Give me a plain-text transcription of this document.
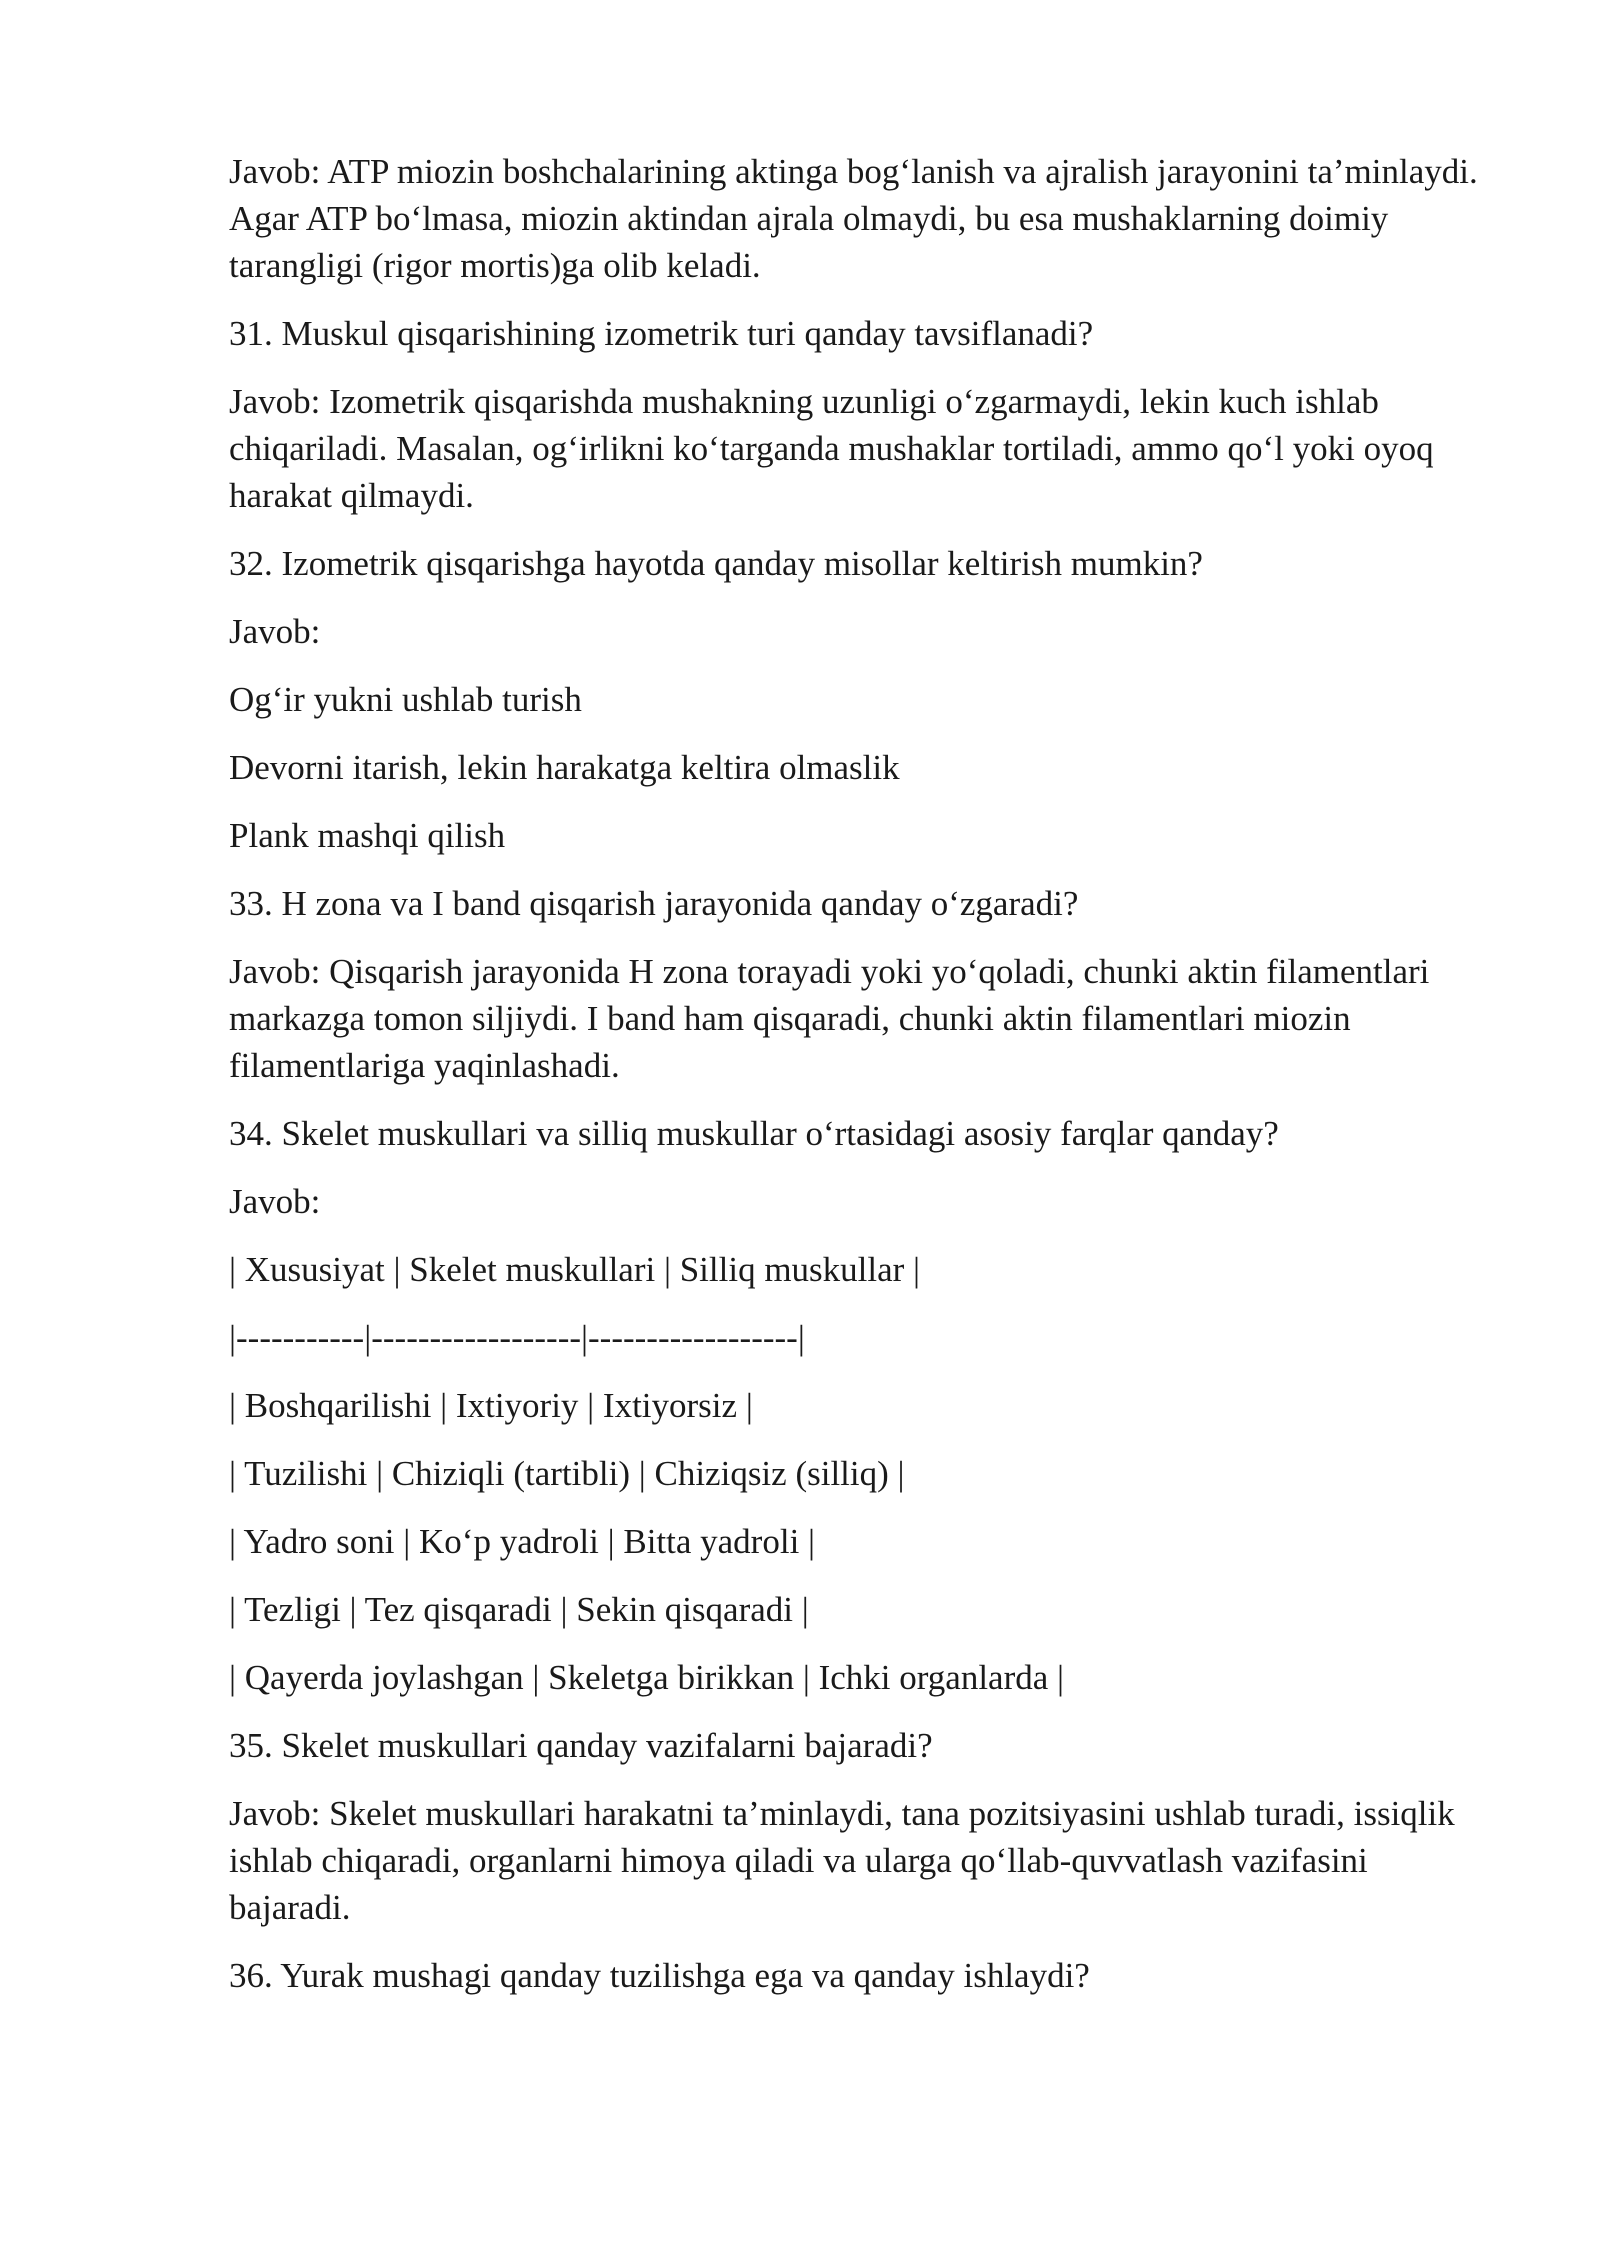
Javob: ATP miozin boshchalarining aktinga bog‘lanish va ajralish jarayonini ta’minlaydi. Agar ATP bo‘lmasa, miozin aktindan ajrala olmaydi, bu esa mushaklarning doimiy tarangligi (rigor mortis)ga olib keladi.

31. Muskul qisqarishining izometrik turi qanday tavsiflanadi?

Javob: Izometrik qisqarishda mushakning uzunligi o‘zgarmaydi, lekin kuch ishlab chiqariladi. Masalan, og‘irlikni ko‘targanda mushaklar tortiladi, ammo qo‘l yoki oyoq harakat qilmaydi.

32. Izometrik qisqarishga hayotda qanday misollar keltirish mumkin?

Javob:

Og‘ir yukni ushlab turish

Devorni itarish, lekin harakatga keltira olmaslik

Plank mashqi qilish

33. H zona va I band qisqarish jarayonida qanday o‘zgaradi?

Javob: Qisqarish jarayonida H zona torayadi yoki yo‘qoladi, chunki aktin filamentlari markazga tomon siljiydi. I band ham qisqaradi, chunki aktin filamentlari miozin filamentlariga yaqinlashadi.

34. Skelet muskullari va silliq muskullar o‘rtasidagi asosiy farqlar qanday?

Javob:

| Xususiyat | Skelet muskullari | Silliq muskullar |

|-----------|------------------|------------------|

| Boshqarilishi | Ixtiyoriy | Ixtiyorsiz |

| Tuzilishi | Chiziqli (tartibli) | Chiziqsiz (silliq) |

| Yadro soni | Ko‘p yadroli | Bitta yadroli |

| Tezligi | Tez qisqaradi | Sekin qisqaradi |

| Qayerda joylashgan | Skeletga birikkan | Ichki organlarda |

35. Skelet muskullari qanday vazifalarni bajaradi?

Javob: Skelet muskullari harakatni ta’minlaydi, tana pozitsiyasini ushlab turadi, issiqlik ishlab chiqaradi, organlarni himoya qiladi va ularga qo‘llab-quvvatlash vazifasini bajaradi.

36. Yurak mushagi qanday tuzilishga ega va qanday ishlaydi?
